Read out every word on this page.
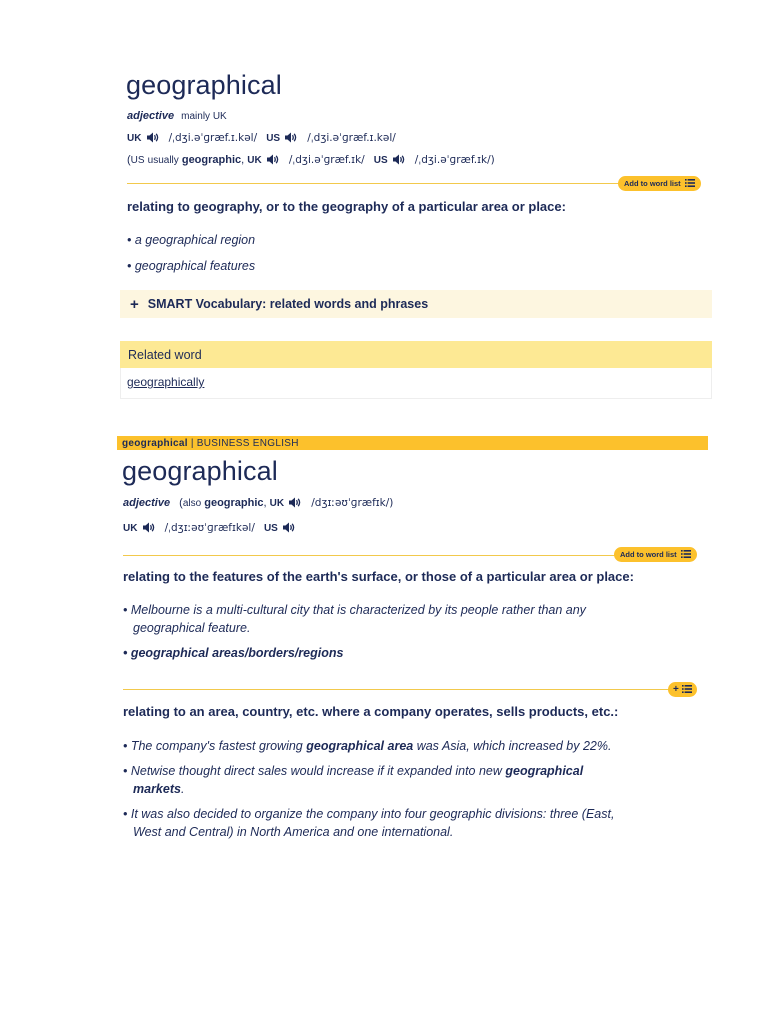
geographical
adjective mainly UK
UK	/ˌdʒi.əˈɡræf.ɪ.kəl/ US	/ˌdʒi.əˈɡræf.ɪ.kəl/
(US usually geographic, UK	/ˌdʒi.əˈɡræf.ɪk/ US	/ˌdʒi.əˈɡræf.ɪk/)
Add to word list
relating to geography, or to the geography of a particular area or place:
• a geographical region
• geographical features
+ SMART Vocabulary: related words and phrases
Related word
geographically
geographical | BUSINESS ENGLISH
geographical
adjective (also geographic, UK	/dʒɪːəʊˈɡræfɪk/)
UK	/ˌdʒɪːəʊˈɡræfɪkəl/ US
Add to word list
relating to the features of the earth's surface, or those of a particular area or place:
• Melbourne is a multi-cultural city that is characterized by its people rather than any
geographical feature.
• geographical areas/borders/regions
+
relating to an area, country, etc. where a company operates, sells products, etc.:
• The company's fastest growing geographical area was Asia, which increased by 22%.
• Netwise thought direct sales would increase if it expanded into new geographical
markets.
• It was also decided to organize the company into four geographic divisions: three (East,
West and Central) in North America and one international.
